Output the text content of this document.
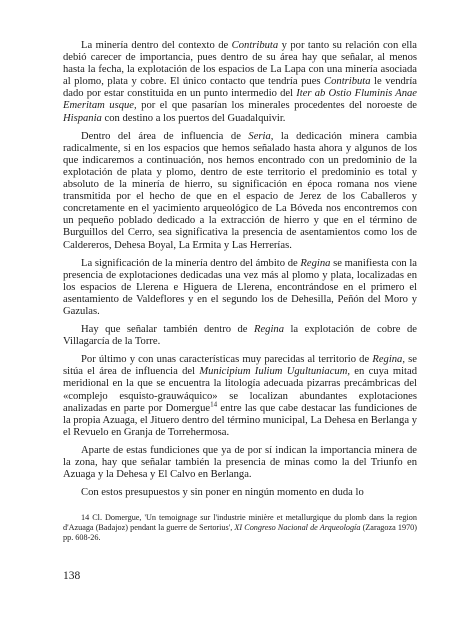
La minería dentro del contexto de Contributa y por tanto su relación con ella debió carecer de importancia, pues dentro de su área hay que señalar, al menos hasta la fecha, la explotación de los espacios de La Lapa con una minería asociada al plomo, plata y cobre. El único contacto que tendría pues Contributa le vendría dado por estar constituida en un punto intermedio del Iter ab Ostio Fluminis Anae Emeritam usque, por el que pasarían los minerales procedentes del noroeste de Hispania con destino a los puertos del Guadalquivir.

Dentro del área de influencia de Seria, la dedicación minera cambia radicalmente, si en los espacios que hemos señalado hasta ahora y algunos de los que indicaremos a continuación, nos hemos encontrado con un predominio de la explotación de plata y plomo, dentro de este territorio el predominio es total y absoluto de la minería de hierro, su significación en época romana nos viene transmitida por el hecho de que en el espacio de Jerez de los Caballeros y concretamente en el yacimiento arqueológico de La Bóveda nos encontremos con un pequeño poblado dedicado a la extracción de hierro y que en el término de Burguillos del Cerro, sea significativa la presencia de asentamientos como los de Caldereros, Dehesa Boyal, La Ermita y Las Herrerías.

La significación de la minería dentro del ámbito de Regina se manifiesta con la presencia de explotaciones dedicadas una vez más al plomo y plata, localizadas en los espacios de Llerena e Higuera de Llerena, encontrándose en el primero el asentamiento de Valdeflores y en el segundo los de Dehesilla, Peñón del Moro y Gazulas.

Hay que señalar también dentro de Regina la explotación de cobre de Villagarcía de la Torre.

Por último y con unas características muy parecidas al territorio de Regina, se sitúa el área de influencia del Municipium Iulium Ugultuniacum, en cuya mitad meridional en la que se encuentra la litología adecuada pizarras precámbricas del «complejo esquisto-grauwáquico» se localizan abundantes explotaciones analizadas en parte por Domergue$^{14}$ entre las que cabe destacar las fundiciones de la propia Azuaga, el Jituero dentro del término municipal, La Dehesa en Berlanga y el Revuelo en Granja de Torrehermosa.

Aparte de estas fundiciones que ya de por sí indican la importancia minera de la zona, hay que señalar también la presencia de minas como la del Triunfo en Azuaga y la Dehesa y El Calvo en Berlanga.

Con estos presupuestos y sin poner en ningún momento en duda lo

14 Cl. Domergue, 'Un temoignage sur l'industrie minière et metallurgique du plomb dans la region d'Azuaga (Badajoz) pendant la guerre de Sertorius', XI Congreso Nacional de Arqueología (Zaragoza 1970) pp. 608-26.

138
